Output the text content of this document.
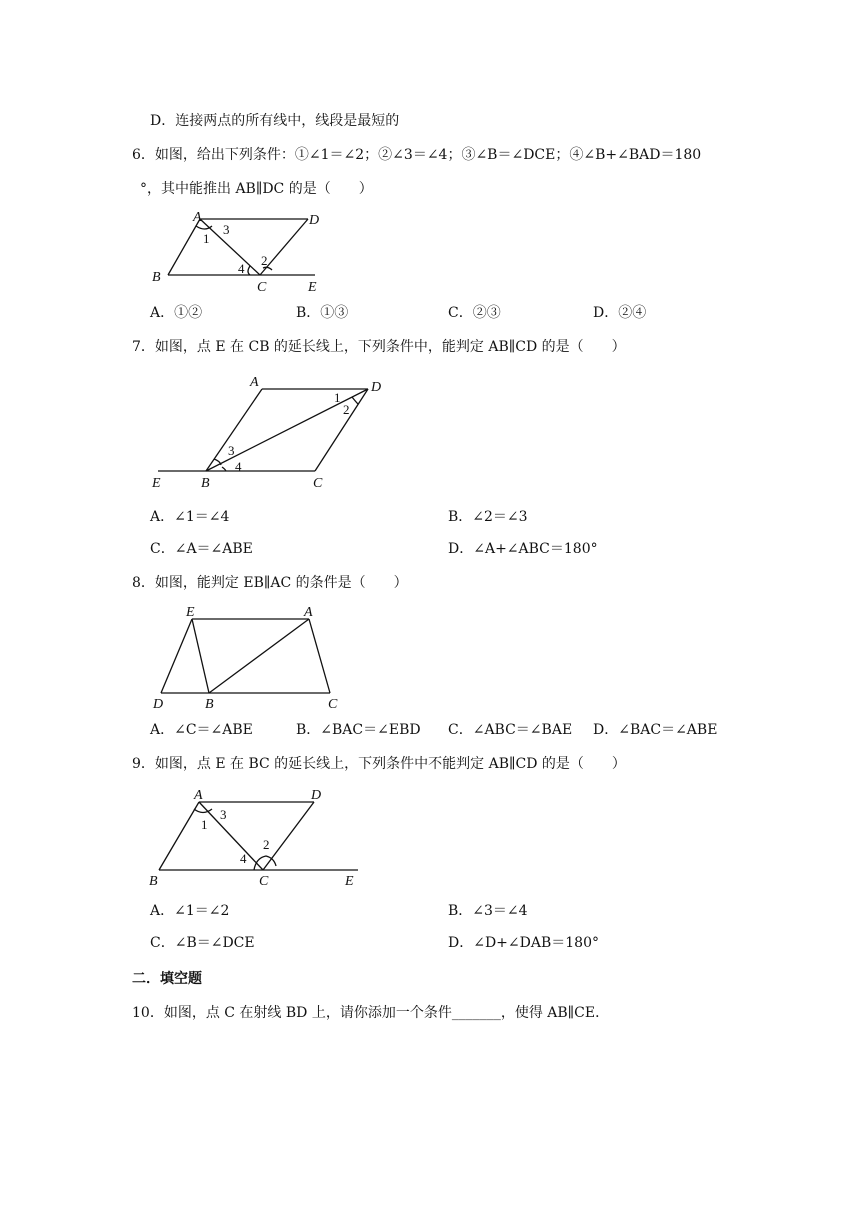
D．连接两点的所有线中，线段是最短的
6．如图，给出下列条件：①∠1＝∠2；②∠3＝∠4；③∠B＝∠DCE；④∠B+∠BAD＝180
°，其中能推出 AB∥DC 的是（　　）
A	D
B
C	E
1
3
2
4
A．①②	B．①③	C．②③	D．②④
7．如图，点 E 在 CB 的延长线上，下列条件中，能判定 AB∥CD 的是（　　）
A	D
E	B	C
1
2
3
4
A．∠1＝∠4	B．∠2＝∠3
C．∠A＝∠ABE	D．∠A+∠ABC＝180°
8．如图，能判定 EB∥AC 的条件是（　　）
E	A
D	B	C
A．∠C＝∠ABE	B．∠BAC＝∠EBD C．∠ABC＝∠BAE D．∠BAC＝∠ABE
9．如图，点 E 在 BC 的延长线上，下列条件中不能判定 AB∥CD 的是（　　）
A	D
B	C	E
1
3
2
4
A．∠1＝∠2	B．∠3＝∠4
C．∠B＝∠DCE	D．∠D+∠DAB＝180°
二．填空题
10．如图，点 C 在射线 BD 上，请你添加一个条件_______，使得 AB∥CE．
